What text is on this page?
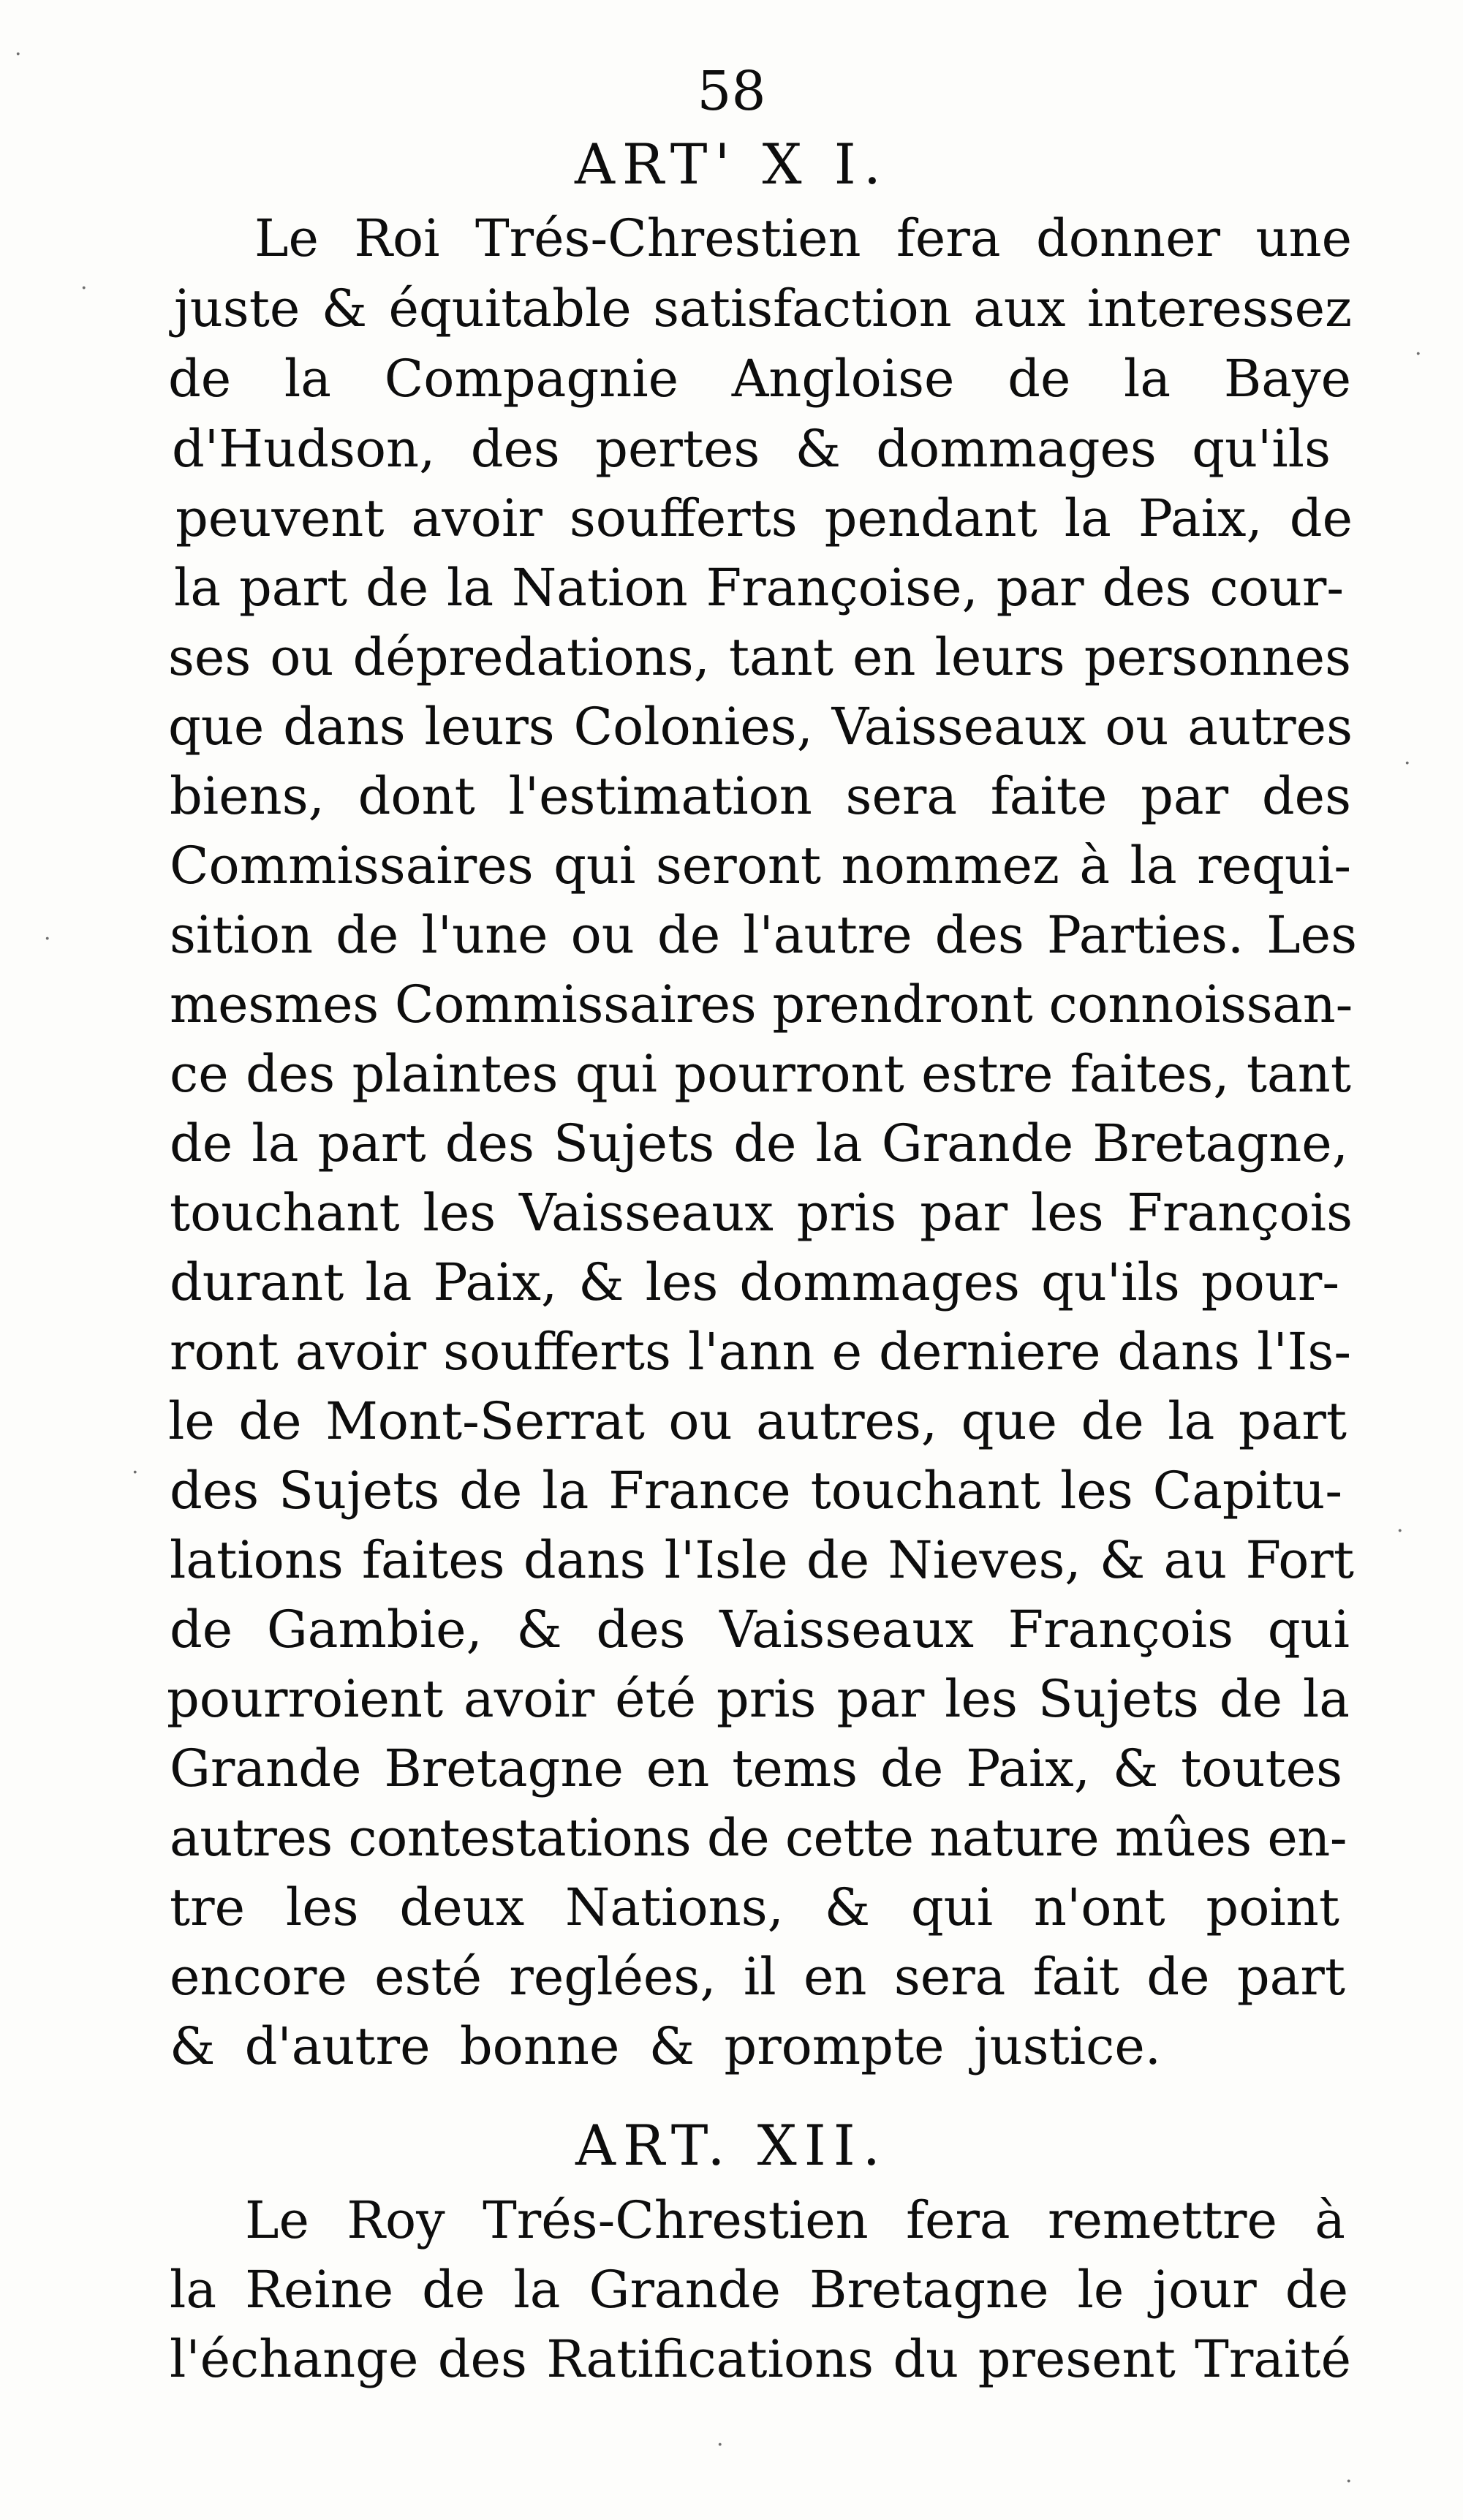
58
ART' X I.
Le Roi Trés-Chrestien fera donner une
juste & équitable satisfaction aux interessez
de la Compagnie Angloise de la Baye
d'Hudson, des pertes & dommages qu'ils
peuvent avoir soufferts pendant la Paix, de
la part de la Nation Françoise, par des cour-
ses ou dépredations, tant en leurs personnes
que dans leurs Colonies, Vaisseaux ou autres
biens, dont l'estimation sera faite par des
Commissaires qui seront nommez à la requi-
sition de l'une ou de l'autre des Parties. Les
mesmes Commissaires prendront connoissan-
ce des plaintes qui pourront estre faites, tant
de la part des Sujets de la Grande Bretagne,
touchant les Vaisseaux pris par les François
durant la Paix, & les dommages qu'ils pour-
ront avoir soufferts l'ann e derniere dans l'Is-
le de Mont-Serrat ou autres, que de la part
des Sujets de la France touchant les Capitu-
lations faites dans l'Isle de Nieves, & au Fort
de Gambie, & des Vaisseaux François qui
pourroient avoir été pris par les Sujets de la
Grande Bretagne en tems de Paix, & toutes
autres contestations de cette nature mûes en-
tre les deux Nations, & qui n'ont point
encore esté reglées, il en sera fait de part
& d'autre bonne & prompte justice.
ART. XII.
Le Roy Trés-Chrestien fera remettre à
la Reine de la Grande Bretagne le jour de
l'échange des Ratifications du present Traité
·
·
·
·
·
·
·
·
·
